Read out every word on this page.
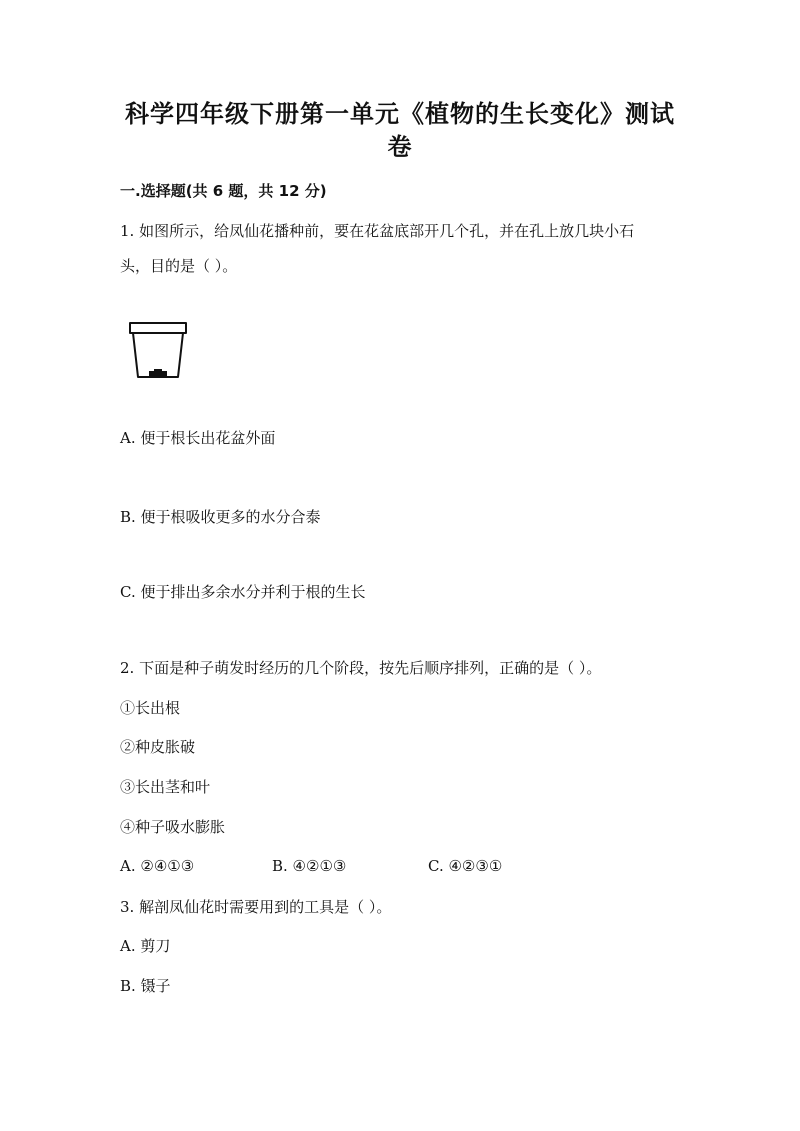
科学四年级下册第一单元《植物的生长变化》测试
卷
一.选择题(共 6 题，共 12 分)
1. 如图所示，给凤仙花播种前，要在花盆底部开几个孔，并在孔上放几块小石
头，目的是（ ）。
A. 便于根长出花盆外面
B. 便于根吸收更多的水分合泰
C. 便于排出多余水分并利于根的生长
2. 下面是种子萌发时经历的几个阶段，按先后顺序排列，正确的是（ ）。
①长出根
②种皮胀破
③长出茎和叶
④种子吸水膨胀
A. ②④①③	B. ④②①③	C. ④②③①
3. 解剖凤仙花时需要用到的工具是（ ）。
A. 剪刀
B. 镊子
